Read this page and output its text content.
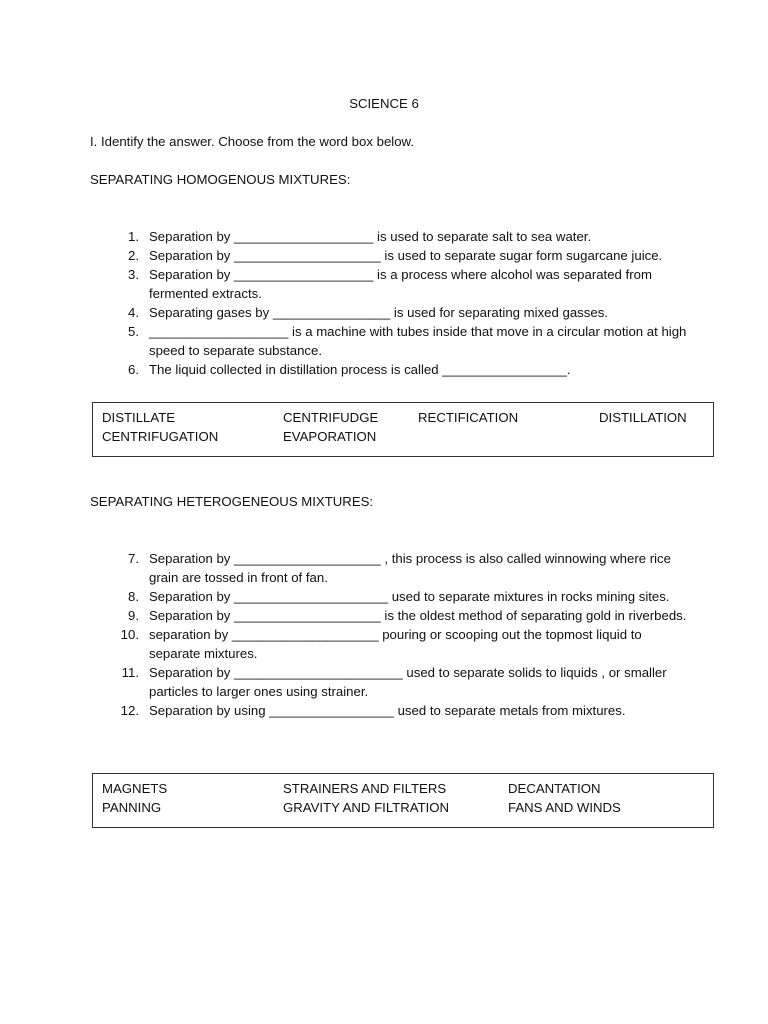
SCIENCE 6
I. Identify the answer. Choose from the word box below.
SEPARATING HOMOGENOUS MIXTURES:
1. Separation by ___________________ is used to separate salt to sea water.
2. Separation by ____________________ is used to separate sugar form sugarcane juice.
3. Separation by ___________________ is a process where alcohol was separated from fermented extracts.
4. Separating gases by ________________ is used for separating mixed gasses.
5. ___________________ is a machine with tubes inside that move in a circular motion at high speed to separate substance.
6. The liquid collected in distillation process is called _________________.
DISTILLATE	CENTRIFUDGE	RECTIFICATION	DISTILLATION
CENTRIFUGATION	EVAPORATION
SEPARATING HETEROGENEOUS MIXTURES:
7. Separation by ____________________ , this process is also called winnowing where rice grain are tossed in front of fan.
8. Separation by _____________________ used to separate mixtures in rocks mining sites.
9. Separation by ____________________ is the oldest method of separating gold in riverbeds.
10. separation by ____________________ pouring or scooping out the topmost liquid to separate mixtures.
11. Separation by _______________________ used to separate solids to liquids , or smaller particles to larger ones using strainer.
12. Separation by using _________________ used to separate metals from mixtures.
MAGNETS	STRAINERS AND FILTERS	DECANTATION
PANNING	GRAVITY AND FILTRATION	FANS AND WINDS
